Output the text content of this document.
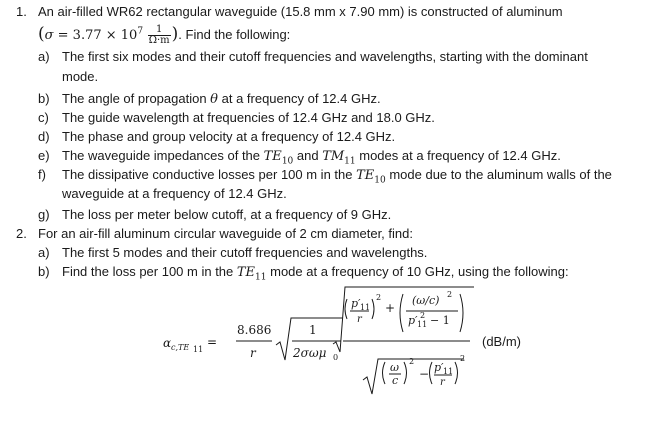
1. An air-filled WR62 rectangular waveguide (15.8 mm x 7.90 mm) is constructed of aluminum
($\sigma = 3.77 \times 10^7 \frac{1}{\Omega\cdot m}$ ). Find the following:
a) The first six modes and their cutoff frequencies and wavelengths, starting with the dominant
mode.
b) The angle of propagation θ at a frequency of 12.4 GHz.
c) The guide wavelength at frequencies of 12.4 GHz and 18.0 GHz.
d) The phase and group velocity at a frequency of 12.4 GHz.
e) The waveguide impedances of the $TE_{10}$ and $TM_{11}$ modes at a frequency of 12.4 GHz.
f) The dissipative conductive losses per 100 m in the $TE_{10}$ mode due to the aluminum walls of the
waveguide at a frequency of 12.4 GHz.
g) The loss per meter below cutoff, at a frequency of 9 GHz.
2. For an air-fill aluminum circular waveguide of 2 cm diameter, find:
a) The first 5 modes and their cutoff frequencies and wavelengths.
b) Find the loss per 100 m in the $TE_{11}$ mode at a frequency of 10 GHz, using the following:
α c,TE 11
=
8.686
r
1
2σωμ 0
p′ 11
r
2
+
(ω/c) 2
p′ 11
2 − 1
ω
c
2
− p′ 11
r
2
(dB/m)
